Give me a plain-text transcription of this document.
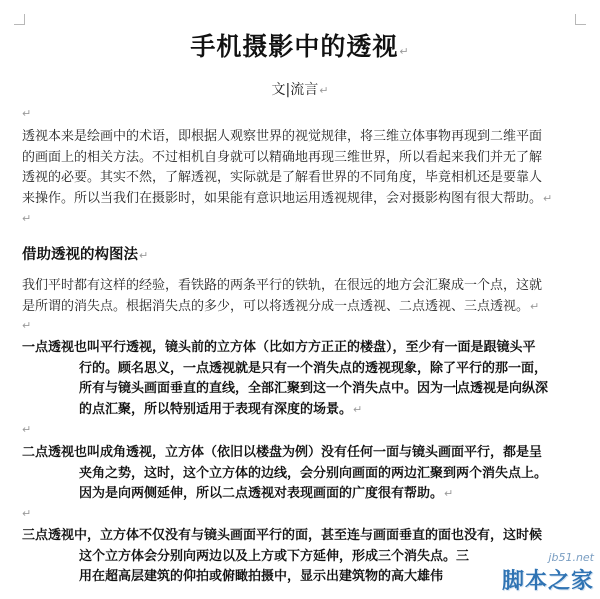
手机摄影中的透视↵
文|流言↵
↵
透视本来是绘画中的术语，即根据人观察世界的视觉规律，将三维立体事物再现到二维平面
的画面上的相关方法。不过相机自身就可以精确地再现三维世界，所以看起来我们并无了解
透视的必要。其实不然，了解透视，实际就是了解看世界的不同角度，毕竟相机还是要靠人
来操作。所以当我们在摄影时，如果能有意识地运用透视规律，会对摄影构图有很大帮助。↵
↵
借助透视的构图法↵
我们平时都有这样的经验，看铁路的两条平行的铁轨，在很远的地方会汇聚成一个点，这就
是所谓的消失点。根据消失点的多少，可以将透视分成一点透视、二点透视、三点透视。↵
↵
一点透视也叫平行透视，镜头前的立方体（比如方方正正的楼盘），至少有一面是跟镜头平
行的。顾名思义，一点透视就是只有一个消失点的透视现象，除了平行的那一面，
所有与镜头画面垂直的直线，全部汇聚到这一个消失点中。因为一点透视是向纵深
的点汇聚，所以特别适用于表现有深度的场景。↵
↵
二点透视也叫成角透视，立方体（依旧以楼盘为例）没有任何一面与镜头画面平行，都是呈
夹角之势，这时，这个立方体的边线，会分别向画面的两边汇聚到两个消失点上。
因为是向两侧延伸，所以二点透视对表现画面的广度很有帮助。↵
↵
三点透视中，立方体不仅没有与镜头画面平行的面，甚至连与画面垂直的面也没有，这时候
这个立方体会分别向两边以及上方或下方延伸，形成三个消失点。三
用在超高层建筑的仰拍或俯瞰拍摄中，显示出建筑物的高大雄伟
jb51.net
脚本之家
